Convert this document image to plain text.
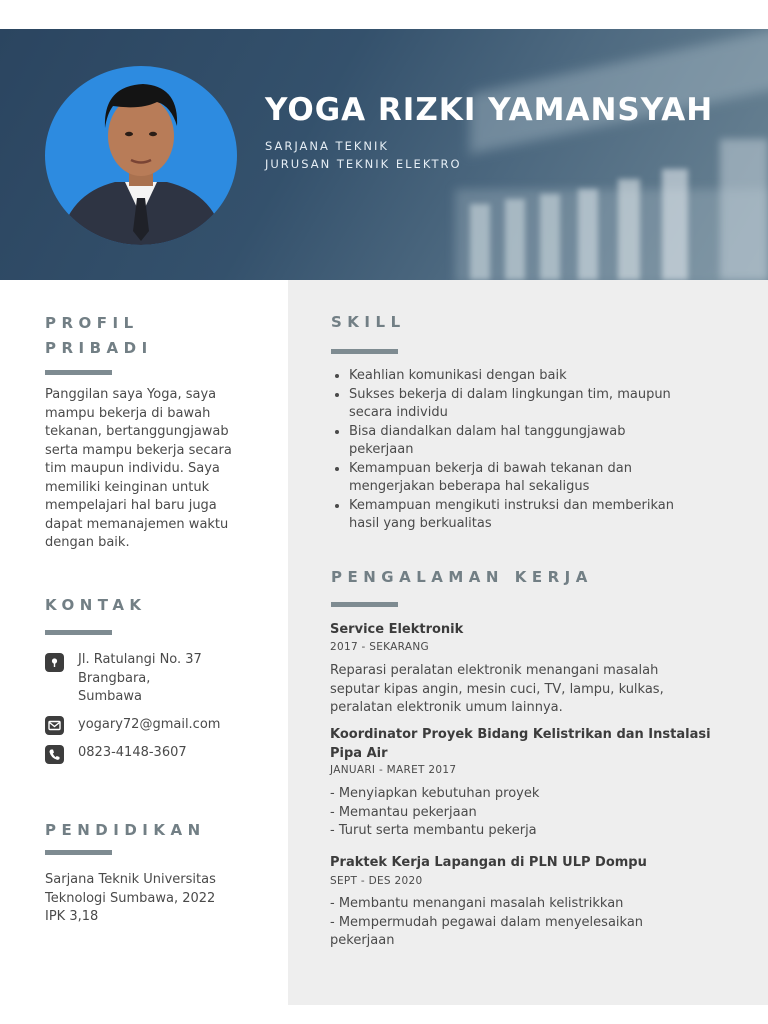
YOGA RIZKI YAMANSYAH
SARJANA TEKNIK
JURUSAN TEKNIK ELEKTRO
PROFIL
PRIBADI
Panggilan saya Yoga, saya
mampu bekerja di bawah
tekanan, bertanggungjawab
serta mampu bekerja secara
tim maupun individu. Saya
memiliki keinginan untuk
mempelajari hal baru juga
dapat memanajemen waktu
dengan baik.
KONTAK
Jl. Ratulangi No. 37
Brangbara,
Sumbawa
yogary72@gmail.com
0823-4148-3607
PENDIDIKAN
Sarjana Teknik Universitas
Teknologi Sumbawa, 2022
IPK 3,18
SKILL
• Keahlian komunikasi dengan baik
• Sukses bekerja di dalam lingkungan tim, maupun
secara individu
• Bisa diandalkan dalam hal tanggungjawab
pekerjaan
• Kemampuan bekerja di bawah tekanan dan
mengerjakan beberapa hal sekaligus
• Kemampuan mengikuti instruksi dan memberikan
hasil yang berkualitas
PENGALAMAN KERJA
Service Elektronik
2017 - SEKARANG
Reparasi peralatan elektronik menangani masalah
seputar kipas angin, mesin cuci, TV, lampu, kulkas,
peralatan elektronik umum lainnya.
Koordinator Proyek Bidang Kelistrikan dan Instalasi
Pipa Air
JANUARI - MARET 2017
- Menyiapkan kebutuhan proyek
- Memantau pekerjaan
- Turut serta membantu pekerja
Praktek Kerja Lapangan di PLN ULP Dompu
SEPT - DES 2020
- Membantu menangani masalah kelistrikkan
- Mempermudah pegawai dalam menyelesaikan
pekerjaan
